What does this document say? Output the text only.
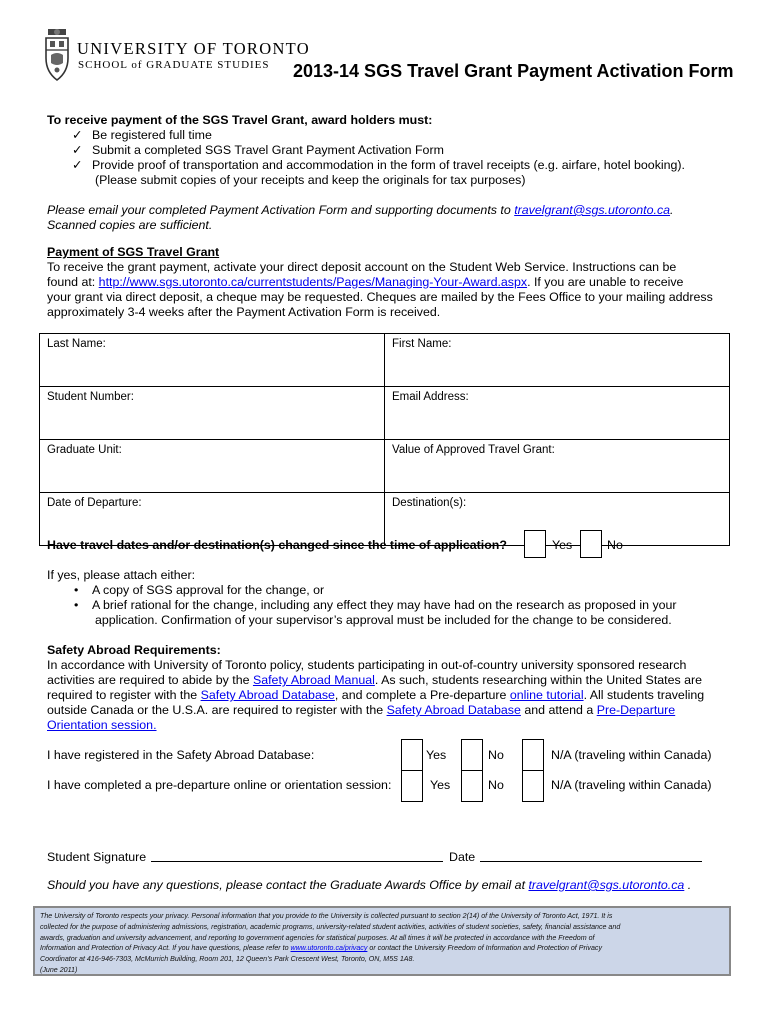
UNIVERSITY OF TORONTO
SCHOOL of GRADUATE STUDIES 2013-14 SGS Travel Grant Payment Activation Form
To receive payment of the SGS Travel Grant, award holders must:
✓ Be registered full time
✓ Submit a completed SGS Travel Grant Payment Activation Form
✓ Provide proof of transportation and accommodation in the form of travel receipts (e.g. airfare, hotel booking).
(Please submit copies of your receipts and keep the originals for tax purposes)
Please email your completed Payment Activation Form and supporting documents to travelgrant@sgs.utoronto.ca.
Scanned copies are sufficient.
Payment of SGS Travel Grant
To receive the grant payment, activate your direct deposit account on the Student Web Service. Instructions can be
found at: http://www.sgs.utoronto.ca/currentstudents/Pages/Managing-Your-Award.aspx. If you are unable to receive
your grant via direct deposit, a cheque may be requested. Cheques are mailed by the Fees Office to your mailing address
approximately 3-4 weeks after the Payment Activation Form is received.
Last Name:	First Name:
Student Number:	Email Address:
Graduate Unit:	Value of Approved Travel Grant:
Date of Departure:	Destination(s):
Have travel dates and/or destination(s) changed since the time of application?	Yes	No
If yes, please attach either:
• A copy of SGS approval for the change, or
• A brief rational for the change, including any effect they may have had on the research as proposed in your
application. Confirmation of your supervisor’s approval must be included for the change to be considered.
Safety Abroad Requirements:
In accordance with University of Toronto policy, students participating in out-of-country university sponsored research
activities are required to abide by the Safety Abroad Manual. As such, students researching within the United States are
required to register with the Safety Abroad Database, and complete a Pre-departure online tutorial. All students traveling
outside Canada or the U.S.A. are required to register with the Safety Abroad Database and attend a Pre-Departure
Orientation session.
I have registered in the Safety Abroad Database:	Yes	No	N/A (traveling within Canada)
I have completed a pre-departure online or orientation session:	Yes	No	N/A (traveling within Canada)
Student Signature	Date
Should you have any questions, please contact the Graduate Awards Office by email at travelgrant@sgs.utoronto.ca .
The University of Toronto respects your privacy. Personal information that you provide to the University is collected pursuant to section 2(14) of the University of Toronto Act, 1971. It is
collected for the purpose of administering admissions, registration, academic programs, university-related student activities, activities of student societies, safety, financial assistance and
awards, graduation and university advancement, and reporting to government agencies for statistical purposes. At all times it will be protected in accordance with the Freedom of
Information and Protection of Privacy Act. If you have questions, please refer to www.utoronto.ca/privacy or contact the University Freedom of Information and Protection of Privacy
Coordinator at 416-946-7303, McMurrich Building, Room 201, 12 Queen’s Park Crescent West, Toronto, ON, M5S 1A8.
(June 2011)
